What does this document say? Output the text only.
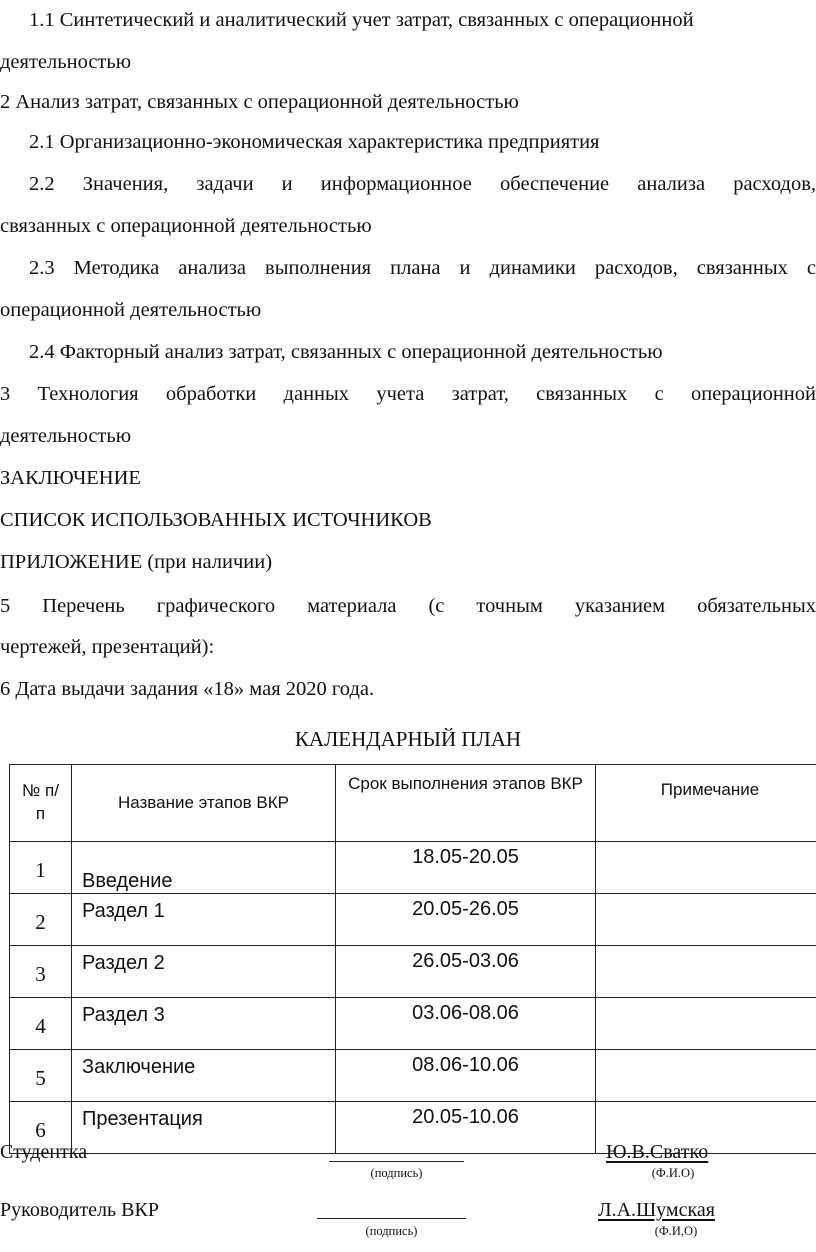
1.1 Синтетический и аналитический учет затрат, связанных с операционной
деятельностью
2 Анализ затрат, связанных с операционной деятельностью
2.1 Организационно-экономическая характеристика предприятия
2.2 Значения, задачи и информационное обеспечение анализа расходов,
связанных с операционной деятельностью
2.3 Методика анализа выполнения плана и динамики расходов, связанных с
операционной деятельностью
2.4 Факторный анализ затрат, связанных с операционной деятельностью
3 Технология обработки данных учета затрат, связанных с операционной
деятельностью
ЗАКЛЮЧЕНИЕ
СПИСОК ИСПОЛЬЗОВАННЫХ ИСТОЧНИКОВ
ПРИЛОЖЕНИЕ (при наличии)
5 Перечень графического материала (с точным указанием обязательных
чертежей, презентаций):
6 Дата выдачи задания «18» мая 2020 года.
КАЛЕНДАРНЫЙ ПЛАН
№ п/п	Название этапов ВКР	Срок выполнения этапов ВКР	Примечание
1	Введение	18.05-20.05	
2	Раздел 1	20.05-26.05	
3	Раздел 2	26.05-03.06	
4	Раздел 3	03.06-08.06	
5	Заключение	08.06-10.06	
6	Презентация	20.05-10.06	
Студентка
(подпись)
Ю.В.Сватко
(Ф.И.О)
Руководитель ВКР
(подпись)
Л.А.Шумская
(Ф.И,О)
